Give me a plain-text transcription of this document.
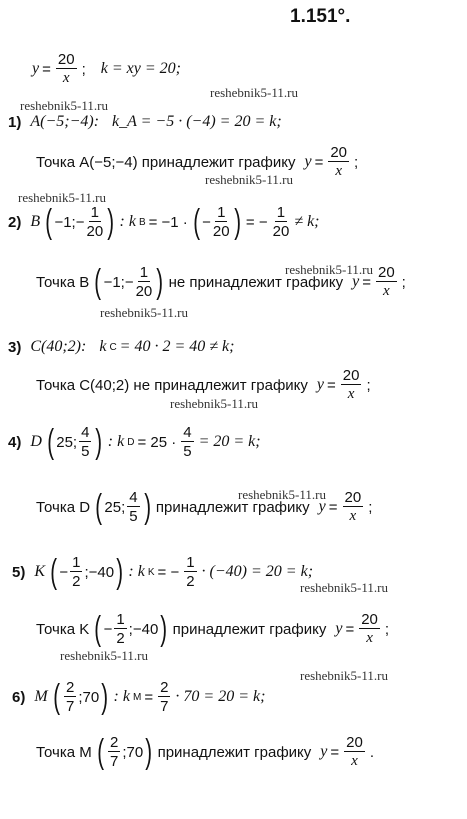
1.151°.
$y = \frac{20}{x}$ ; k = xy = 20;
reshebnik5-11.ru
reshebnik5-11.ru
reshebnik5-11.ru
reshebnik5-11.ru
reshebnik5-11.ru
reshebnik5-11.ru
reshebnik5-11.ru
reshebnik5-11.ru
reshebnik5-11.ru
reshebnik5-11.ru
reshebnik5-11.ru
1) A(−5;−4): k_A = −5 · (−4) = 20 = k;
Точка A(−5;−4) принадлежит графику $y = \frac{20}{x}$ ;
2) B ( −1;− $\frac{1}{20}$ ) : k B = −1 · ( − $\frac{1}{20}$ ) = − $\frac{1}{20} \ne k$;
Точка B ( −1;− $\frac{1}{20}$ ) не принадлежит графику $y = \frac{20}{x}$ ;
3) C(40;2): k C = 40 · 2 = 40 ≠ k;
Точка C(40;2) не принадлежит графику $y = \frac{20}{x}$ ;
4) D ( 25; $\frac{4}{5}$ ) : k $D = 25 \cdot \frac{4}{5} = 20 = k$;
Точка D ( 25; $\frac{4}{5}$ ) принадлежит графику $y = \frac{20}{x}$ ;
5) K ( − $\frac{1}{2}$ ;−40 ) : k K = − $\frac{1}{2} \cdot (-40) = 20 = k$;
Точка K ( − $\frac{1}{2}$ ;−40 ) принадлежит графику $y = \frac{20}{x}$ ;
6) M ( $\frac{2}{7}$ ;70 ) : k $M = \frac{2}{7} \cdot 70 = 20 = k$;
Точка M ( $\frac{2}{7}$ ;70 ) принадлежит графику $y = \frac{20}{x}$ .
